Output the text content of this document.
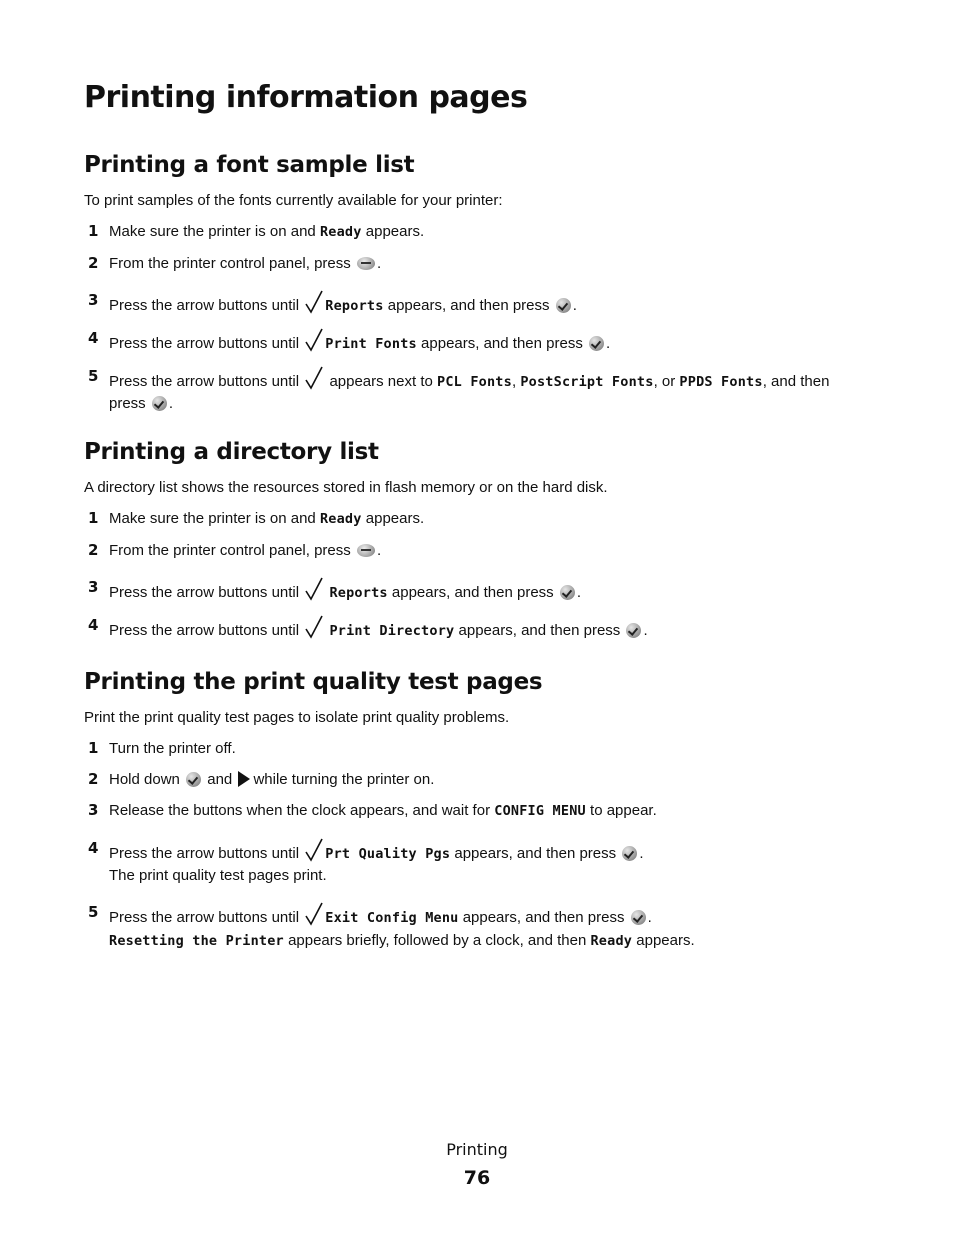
Printing information pages
Printing a font sample list

To print samples of the fonts currently available for your printer:

1 Make sure the printer is on and Ready appears.
2 From the printer control panel, press .
3 Press the arrow buttons until Reports appears, and then press .
4 Press the arrow buttons until Print Fonts appears, and then press .
5 Press the arrow buttons until appears next to PCL Fonts, PostScript Fonts, or PPDS Fonts, and then press .
Printing a directory list

A directory list shows the resources stored in flash memory or on the hard disk.

1 Make sure the printer is on and Ready appears.
2 From the printer control panel, press .
3 Press the arrow buttons until Reports appears, and then press .
4 Press the arrow buttons until Print Directory appears, and then press .
Printing the print quality test pages

Print the print quality test pages to isolate print quality problems.

1 Turn the printer off.
2 Hold down and while turning the printer on.
3 Release the buttons when the clock appears, and wait for CONFIG MENU to appear.
4 Press the arrow buttons until Prt Quality Pgs appears, and then press .
The print quality test pages print.
5 Press the arrow buttons until Exit Config Menu appears, and then press .
Resetting the Printer appears briefly, followed by a clock, and then Ready appears.
Printing
76
